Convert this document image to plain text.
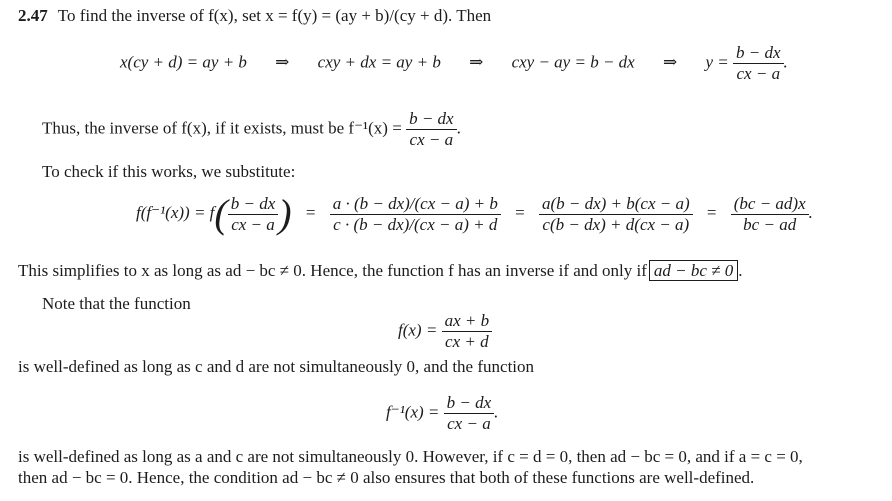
2.47 To find the inverse of f(x), set x = f(y) = (ay + b)/(cy + d). Then
x(cy + d) = ay + b ⇒ cxy + dx = ay + b ⇒ cxy − ay = b − dx ⇒ $y = \frac{b - dx}{cx - a}$ .
Thus, the inverse of f(x), if it exists, must be $f^{-1}(x) = \frac{b - dx}{cx - a}$ .
To check if this works, we substitute:
$f(f^{-1}(x)) = f( \frac{b - dx}{cx - a}$ ) = $\frac{a \cdot (b - dx)/(cx - a) + b}{c \cdot (b - dx)/(cx - a) + d} = \frac{a(b - dx) + b(cx - a)}{c(b - dx) + d(cx - a)} = \frac{(bc - ad)x}{bc - ad}$ .
This simplifies to x as long as ad − bc ≠ 0. Hence, the function f has an inverse if and only if ad − bc ≠ 0 .
Note that the function
$f(x) = \frac{ax + b}{cx + d}$
is well-defined as long as c and d are not simultaneously 0, and the function
$f^{-1}(x) = \frac{b - dx}{cx - a}$ .
is well-defined as long as a and c are not simultaneously 0. However, if c = d = 0, then ad − bc = 0, and if a = c = 0,
then ad − bc = 0. Hence, the condition ad − bc ≠ 0 also ensures that both of these functions are well-defined.
